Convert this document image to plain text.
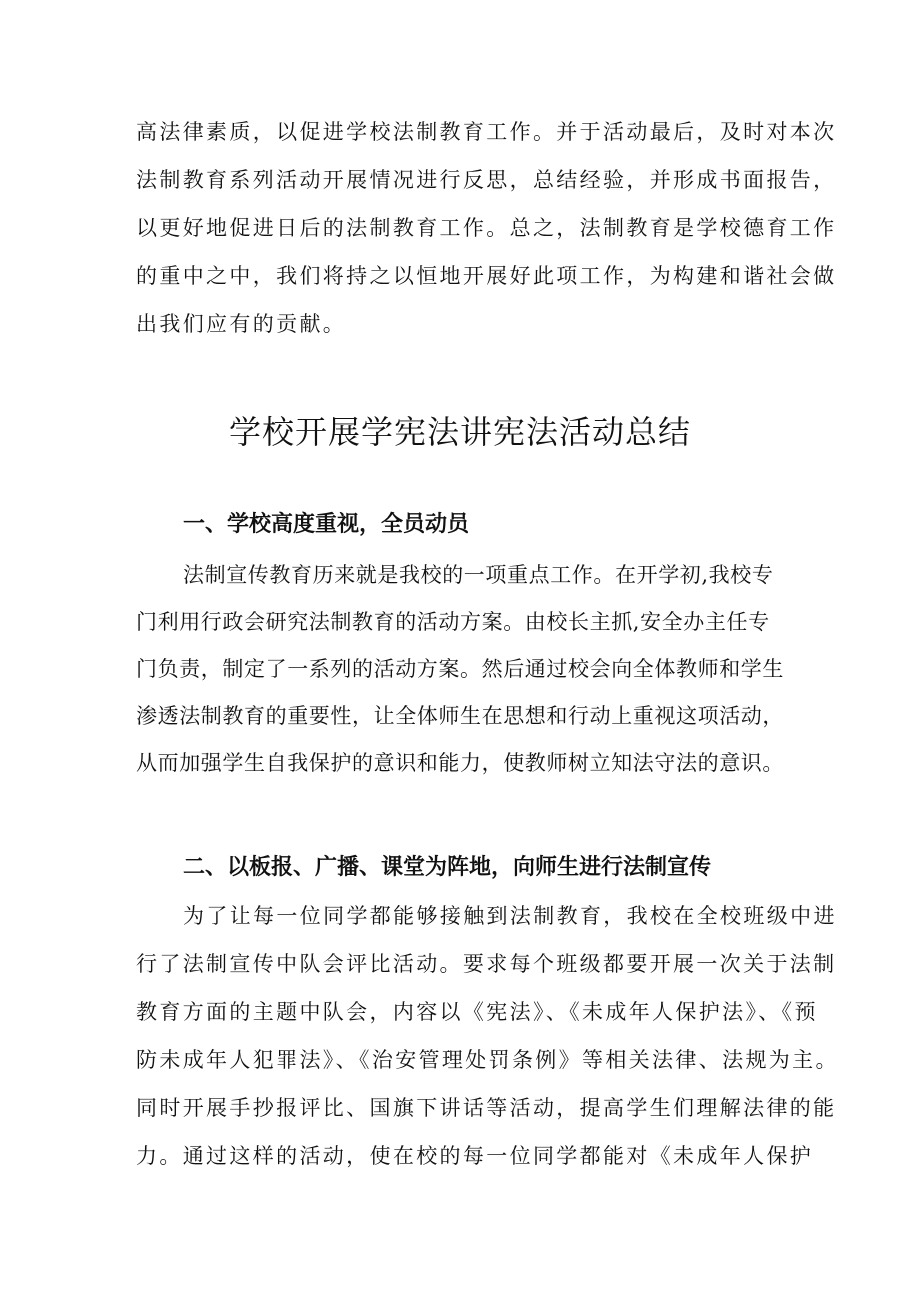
高法律素质，以促进学校法制教育工作。并于活动最后，及时对本次
法制教育系列活动开展情况进行反思，总结经验，并形成书面报告，
以更好地促进日后的法制教育工作。总之，法制教育是学校德育工作
的重中之中，我们将持之以恒地开展好此项工作，为构建和谐社会做
出我们应有的贡献。
学校开展学宪法讲宪法活动总结
一、学校高度重视，全员动员
法制宣传教育历来就是我校的一项重点工作。在开学初,我校专
门利用行政会研究法制教育的活动方案。由校长主抓,安全办主任专
门负责，制定了一系列的活动方案。然后通过校会向全体教师和学生
渗透法制教育的重要性，让全体师生在思想和行动上重视这项活动，
从而加强学生自我保护的意识和能力，使教师树立知法守法的意识。
二、以板报、广播、课堂为阵地，向师生进行法制宣传
为了让每一位同学都能够接触到法制教育，我校在全校班级中进
行了法制宣传中队会评比活动。要求每个班级都要开展一次关于法制
教育方面的主题中队会，内容以《宪法》、《未成年人保护法》、《预
防未成年人犯罪法》、《治安管理处罚条例》等相关法律、法规为主。
同时开展手抄报评比、国旗下讲话等活动，提高学生们理解法律的能
力。通过这样的活动，使在校的每一位同学都能对《未成年人保护
